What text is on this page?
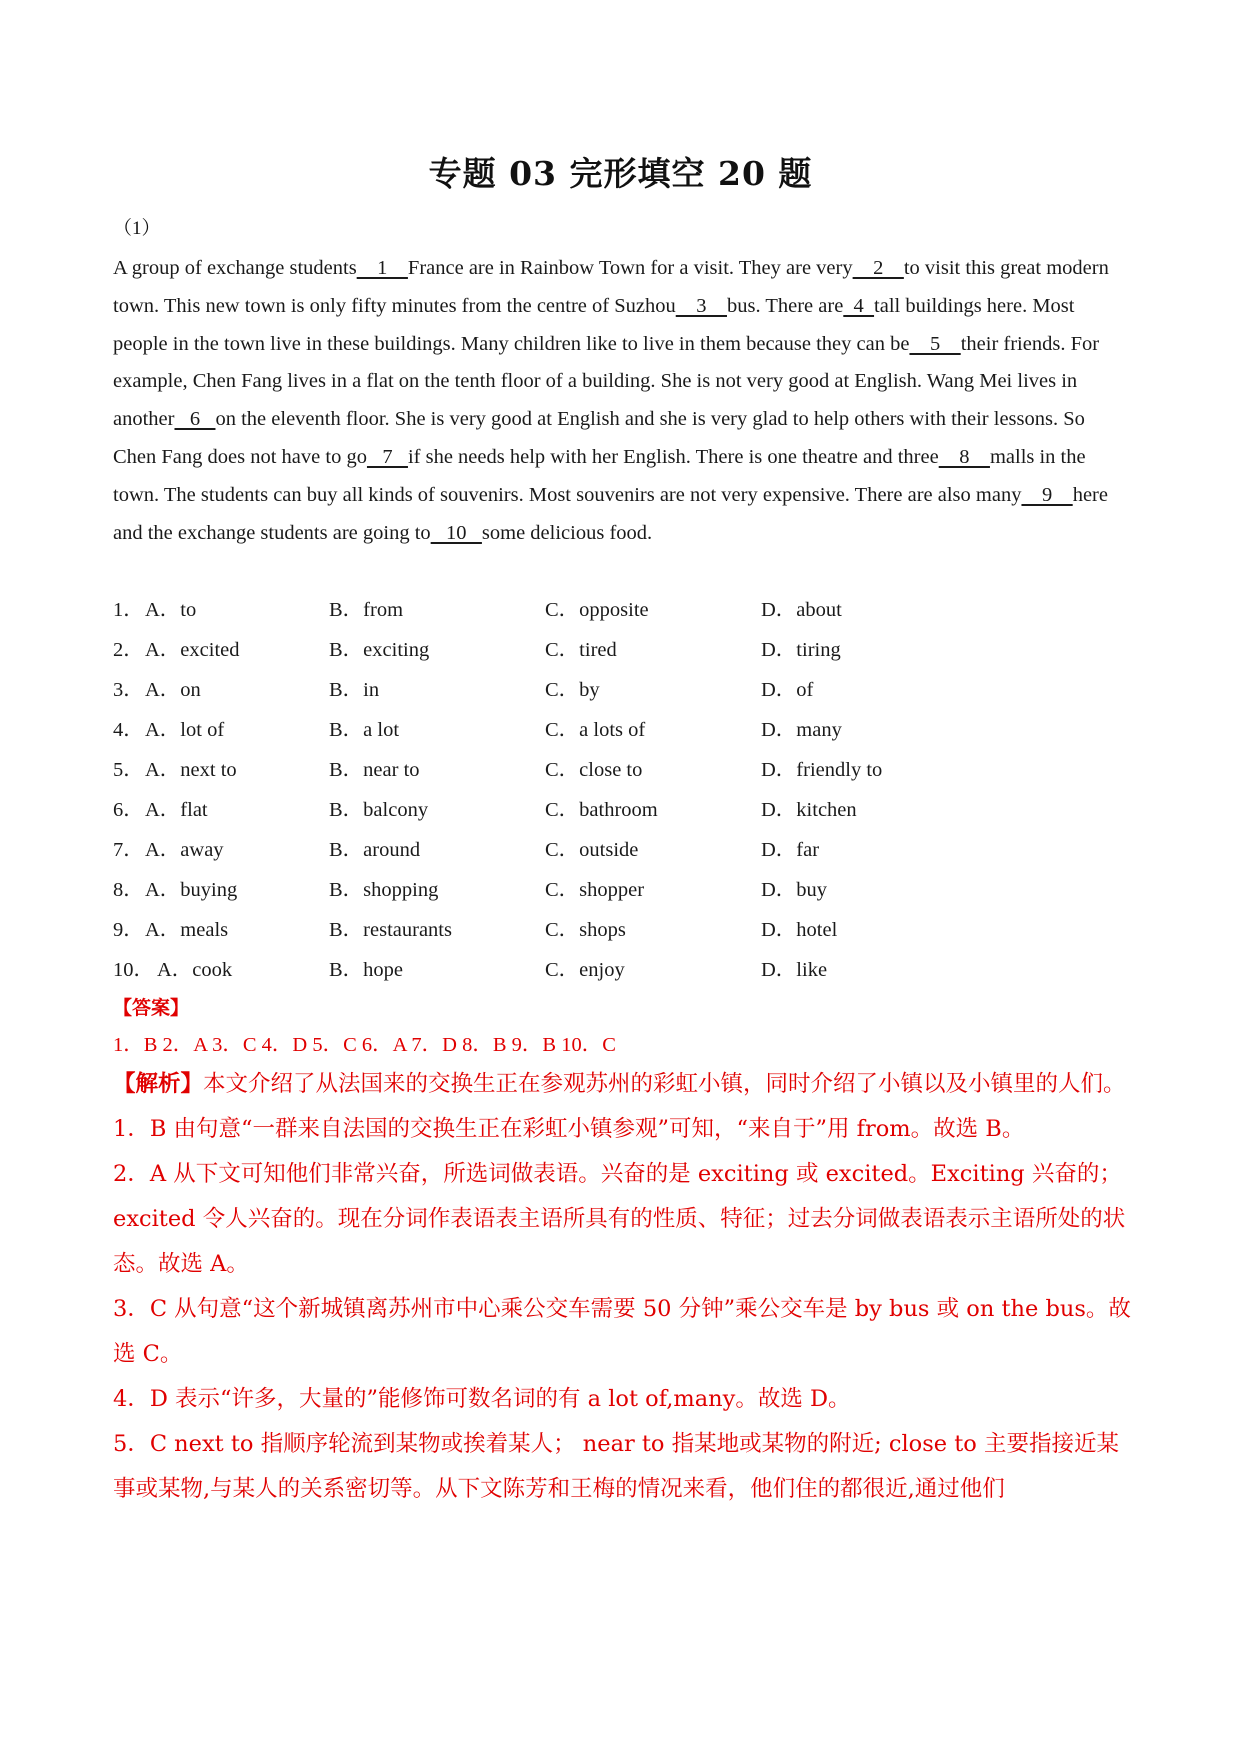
专题 03 完形填空 20 题
（1）
A group of exchange students    1    France are in Rainbow Town for a visit. They are very    2    to visit this great modern town. This new town is only fifty minutes from the centre of Suzhou    3    bus. There are  4  tall buildings here. Most people in the town live in these buildings. Many children like to live in them because they can be    5    their friends. For example, Chen Fang lives in a flat on the tenth floor of a building. She is not very good at English. Wang Mei lives in another   6   on the eleventh floor. She is very good at English and she is very glad to help others with their lessons. So Chen Fang does not have to go   7   if she needs help with her English. There is one theatre and three    8    malls in the town. The students can buy all kinds of souvenirs. Most souvenirs are not very expensive. There are also many    9    here and the exchange students are going to   10   some delicious food.
1． A．to	B．from	C．opposite	D．about
2． A．excited	B．exciting	C．tired	D．tiring
3． A．on	B．in	C．by	D．of
4． A．lot of	B．a lot	C．a lots of	D．many
5． A．next to	B．near to	C．close to	D．friendly to
6． A．flat	B．balcony	C．bathroom	D．kitchen
7． A．away	B．around	C．outside	D．far
8． A．buying	B．shopping	C．shopper	D．buy
9． A．meals	B．restaurants	C．shops	D．hotel
10． A．cook	B．hope	C．enjoy	D．like
【答案】
1．B 2．A 3．C 4．D 5．C 6．A 7．D 8．B 9．B 10．C

【解析】本文介绍了从法国来的交换生正在参观苏州的彩虹小镇，同时介绍了小镇以及小镇里的人们。

1．B 由句意“一群来自法国的交换生正在彩虹小镇参观”可知，“来自于”用 from。故选 B。

2．A 从下文可知他们非常兴奋，所选词做表语。兴奋的是 exciting 或 excited。Exciting 兴奋的；excited 令人兴奋的。现在分词作表语表主语所具有的性质、特征；过去分词做表语表示主语所处的状态。故选 A。

3．C 从句意“这个新城镇离苏州市中心乘公交车需要 50 分钟”乘公交车是 by bus 或 on the bus。故选 C。

4．D 表示“许多，大量的”能修饰可数名词的有 a lot of,many。故选 D。

5．C next to 指顺序轮流到某物或挨着某人； near to 指某地或某物的附近; close to 主要指接近某事或某物,与某人的关系密切等。从下文陈芳和王梅的情况来看，他们住的都很近,通过他们
